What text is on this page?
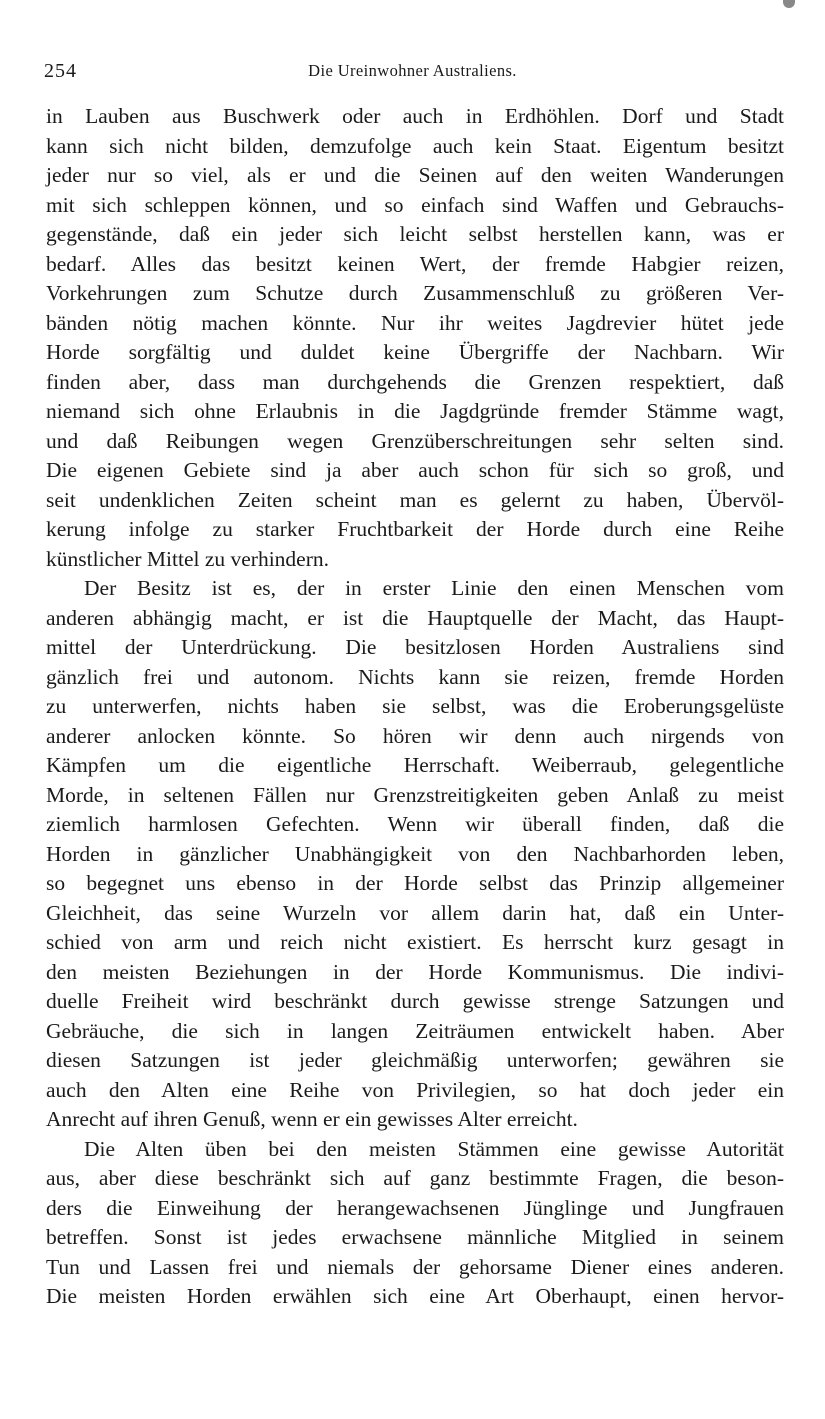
254	Die Ureinwohner Australiens.
in Lauben aus Buschwerk oder auch in Erdhöhlen. Dorf und Stadt
kann sich nicht bilden, demzufolge auch kein Staat. Eigentum besitzt
jeder nur so viel, als er und die Seinen auf den weiten Wanderungen
mit sich schleppen können, und so einfach sind Waffen und Gebrauchs-
gegenstände, daß ein jeder sich leicht selbst herstellen kann, was er
bedarf. Alles das besitzt keinen Wert, der fremde Habgier reizen,
Vorkehrungen zum Schutze durch Zusammenschluß zu größeren Ver-
bänden nötig machen könnte. Nur ihr weites Jagdrevier hütet jede
Horde sorgfältig und duldet keine Übergriffe der Nachbarn. Wir
finden aber, dass man durchgehends die Grenzen respektiert, daß
niemand sich ohne Erlaubnis in die Jagdgründe fremder Stämme wagt,
und daß Reibungen wegen Grenzüberschreitungen sehr selten sind.
Die eigenen Gebiete sind ja aber auch schon für sich so groß, und
seit undenklichen Zeiten scheint man es gelernt zu haben, Übervöl-
kerung infolge zu starker Fruchtbarkeit der Horde durch eine Reihe
künstlicher Mittel zu verhindern.
Der Besitz ist es, der in erster Linie den einen Menschen vom
anderen abhängig macht, er ist die Hauptquelle der Macht, das Haupt-
mittel der Unterdrückung. Die besitzlosen Horden Australiens sind
gänzlich frei und autonom. Nichts kann sie reizen, fremde Horden
zu unterwerfen, nichts haben sie selbst, was die Eroberungsgelüste
anderer anlocken könnte. So hören wir denn auch nirgends von
Kämpfen um die eigentliche Herrschaft. Weiberraub, gelegentliche
Morde, in seltenen Fällen nur Grenzstreitigkeiten geben Anlaß zu meist
ziemlich harmlosen Gefechten. Wenn wir überall finden, daß die
Horden in gänzlicher Unabhängigkeit von den Nachbarhorden leben,
so begegnet uns ebenso in der Horde selbst das Prinzip allgemeiner
Gleichheit, das seine Wurzeln vor allem darin hat, daß ein Unter-
schied von arm und reich nicht existiert. Es herrscht kurz gesagt in
den meisten Beziehungen in der Horde Kommunismus. Die indivi-
duelle Freiheit wird beschränkt durch gewisse strenge Satzungen und
Gebräuche, die sich in langen Zeiträumen entwickelt haben. Aber
diesen Satzungen ist jeder gleichmäßig unterworfen; gewähren sie
auch den Alten eine Reihe von Privilegien, so hat doch jeder ein
Anrecht auf ihren Genuß, wenn er ein gewisses Alter erreicht.
Die Alten üben bei den meisten Stämmen eine gewisse Autorität
aus, aber diese beschränkt sich auf ganz bestimmte Fragen, die beson-
ders die Einweihung der herangewachsenen Jünglinge und Jungfrauen
betreffen. Sonst ist jedes erwachsene männliche Mitglied in seinem
Tun und Lassen frei und niemals der gehorsame Diener eines anderen.
Die meisten Horden erwählen sich eine Art Oberhaupt, einen hervor-
